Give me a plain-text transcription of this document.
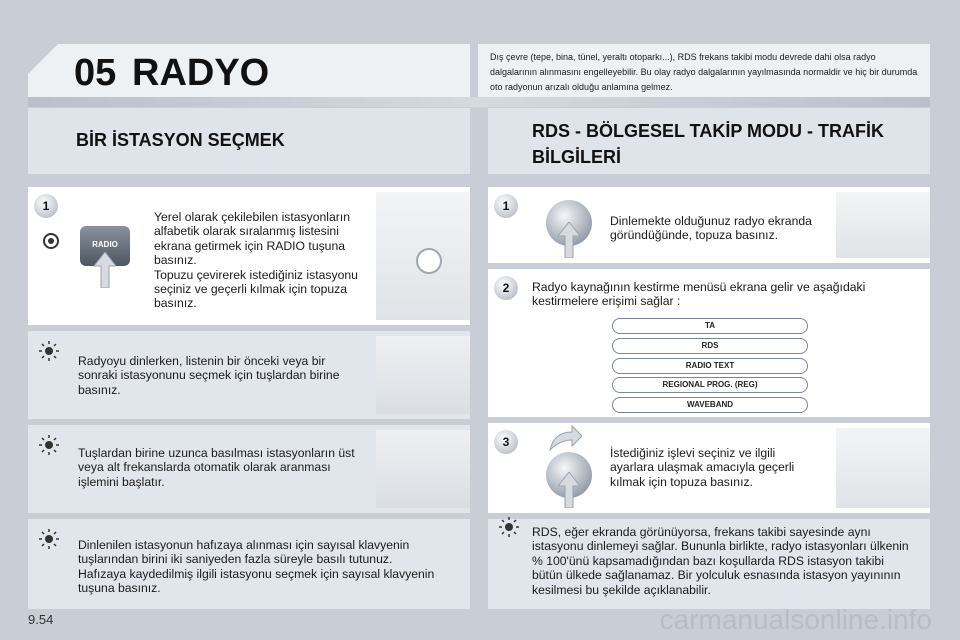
05 RADYO	Dış çevre (tepe, bina, tünel, yeraltı otoparkı...), RDS frekans takibi modu devrede dahi olsa radyo dalgalarının alınmasını engelleyebilir. Bu olay radyo dalgalarının yayılmasında normaldir ve hiç bir durumda oto radyonun arızalı olduğu anlamına gelmez.
BİR İSTASYON SEÇMEK	RDS - BÖLGESEL TAKİP MODU - TRAFİK BİLGİLERİ
1
RADIO
Yerel olarak çekilebilen istasyonların alfabetik olarak sıralanmış listesini ekrana getirmek için RADIO tuşuna basınız.
Topuzu çevirerek istediğiniz istasyonu seçiniz ve geçerli kılmak için topuza basınız.
Radyoyu dinlerken, listenin bir önceki veya bir sonraki istasyonunu seçmek için tuşlardan birine basınız.
Tuşlardan birine uzunca basılması istasyonların üst veya alt frekanslarda otomatik olarak aranması işlemini başlatır.
Dinlenilen istasyonun hafızaya alınması için sayısal klavyenin tuşlarından birini iki saniyeden fazla süreyle basılı tutunuz.
Hafızaya kaydedilmiş ilgili istasyonu seçmek için sayısal klavyenin tuşuna basınız.
1
Dinlemekte olduğunuz radyo ekranda göründüğünde, topuza basınız.
2	Radyo kaynağının kestirme menüsü ekrana gelir ve aşağıdaki kestirmelere erişimi sağlar :
TA
RDS
RADIO TEXT
REGIONAL PROG. (REG)
WAVEBAND
3
İstediğiniz işlevi seçiniz ve ilgili ayarlara ulaşmak amacıyla geçerli kılmak için topuza basınız.
RDS, eğer ekranda görünüyorsa, frekans takibi sayesinde aynı istasyonu dinlemeyi sağlar. Bununla birlikte, radyo istasyonları ülkenin % 100'ünü kapsamadığından bazı koşullarda RDS istasyon takibi bütün ülkede sağlanamaz. Bir yolculuk esnasında istasyon yayınının kesilmesi bu şekilde açıklanabilir.
9.54	carmanualsonline.info
